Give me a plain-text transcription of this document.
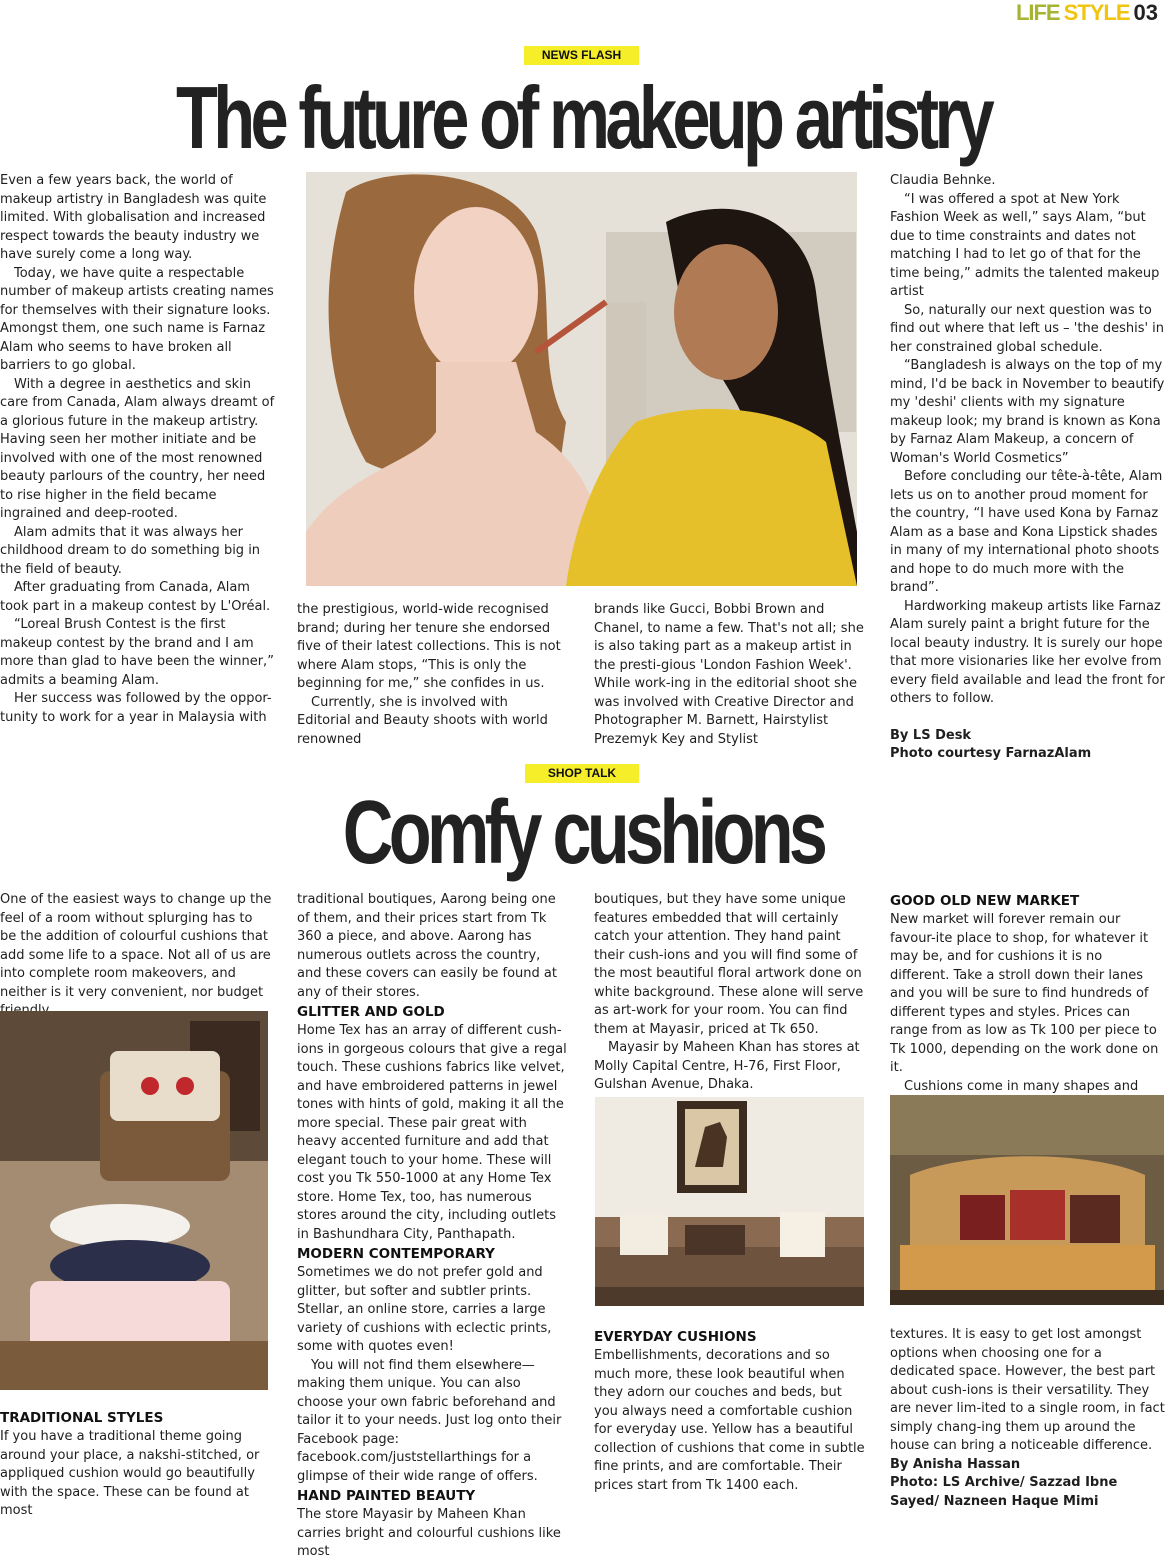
LIFE STYLE 03
NEWS FLASH
The future of makeup artistry

Even a few years back, the world of makeup artistry in Bangladesh was quite limited. With globalisation and increased respect towards the beauty industry we have surely come a long way.

Today, we have quite a respectable number of makeup artists creating names for themselves with their signature looks. Amongst them, one such name is Farnaz Alam who seems to have broken all barriers to go global.

With a degree in aesthetics and skin care from Canada, Alam always dreamt of a glorious future in the makeup artistry. Having seen her mother initiate and be involved with one of the most renowned beauty parlours of the country, her need to rise higher in the field became ingrained and deep-rooted.

Alam admits that it was always her childhood dream to do something big in the field of beauty.

After graduating from Canada, Alam took part in a makeup contest by L'Oréal.

“Loreal Brush Contest is the first makeup contest by the brand and I am more than glad to have been the winner,” admits a beaming Alam.

Her success was followed by the oppor-tunity to work for a year in Malaysia with

the prestigious, world-wide recognised brand; during her tenure she endorsed five of their latest collections. This is not where Alam stops, “This is only the beginning for me,” she confides in us.

Currently, she is involved with Editorial and Beauty shoots with world renowned

brands like Gucci, Bobbi Brown and Chanel, to name a few. That's not all; she is also taking part as a makeup artist in the presti-gious 'London Fashion Week'. While work-ing in the editorial shoot she was involved with Creative Director and Photographer M. Barnett, Hairstylist Prezemyk Key and Stylist

Claudia Behnke.

“I was offered a spot at New York Fashion Week as well,” says Alam, “but due to time constraints and dates not matching I had to let go of that for the time being,” admits the talented makeup artist

So, naturally our next question was to find out where that left us – 'the deshis' in her constrained global schedule.

“Bangladesh is always on the top of my mind, I'd be back in November to beautify my 'deshi' clients with my signature makeup look; my brand is known as Kona by Farnaz Alam Makeup, a concern of Woman's World Cosmetics”

Before concluding our tête-à-tête, Alam lets us on to another proud moment for the country, “I have used Kona by Farnaz Alam as a base and Kona Lipstick shades in many of my international photo shoots and hope to do much more with the brand”.

Hardworking makeup artists like Farnaz Alam surely paint a bright future for the local beauty industry. It is surely our hope that more visionaries like her evolve from every field available and lead the front for others to follow.

By LS Desk

Photo courtesy FarnazAlam

SHOP TALK
Comfy cushions

One of the easiest ways to change up the feel of a room without splurging has to be the addition of colourful cushions that add some life to a space. Not all of us are into complete room makeovers, and neither is it very convenient, nor budget

TRADITIONAL STYLES

If you have a traditional theme going around your place, a nakshi-stitched, or appliqued cushion would go beautifully with the space. These can be found at most

traditional boutiques, Aarong being one of them, and their prices start from Tk 360 a piece, and above. Aarong has numerous outlets across the country, and these covers can easily be found at any of their stores.

GLITTER AND GOLD

Home Tex has an array of different cush-ions in gorgeous colours that give a regal touch. These cushions fabrics like velvet, and have embroidered patterns in jewel tones with hints of gold, making it all the more special. These pair great with heavy accented furniture and add that elegant touch to your home. These will cost you Tk 550-1000 at any Home Tex store. Home Tex, too, has numerous stores around the city, including outlets in Bashundhara City, Panthapath.

MODERN CONTEMPORARY

Sometimes we do not prefer gold and glitter, but softer and subtler prints. Stellar, an online store, carries a large variety of cushions with eclectic prints, some with quotes even!

You will not find them elsewhere—making them unique. You can also choose your own fabric beforehand and tailor it to your needs. Just log onto their Facebook page: facebook.com/juststellarthings for a glimpse of their wide range of offers.

HAND PAINTED BEAUTY

The store Mayasir by Maheen Khan carries bright and colourful cushions like most

boutiques, but they have some unique features embedded that will certainly catch your attention. They hand paint their cush-ions and you will find some of the most beautiful floral artwork done on white background. These alone will serve as art-work for your room. You can find them at Mayasir, priced at Tk 650.

Mayasir by Maheen Khan has stores at Molly Capital Centre, H-76, First Floor, Gulshan Avenue, Dhaka.

EVERYDAY CUSHIONS

Embellishments, decorations and so much more, these look beautiful when they adorn our couches and beds, but you always need a comfortable cushion for everyday use. Yellow has a beautiful collection of cushions that come in subtle fine prints, and are comfortable. Their prices start from Tk 1400 each.

GOOD OLD NEW MARKET

New market will forever remain our favour-ite place to shop, for whatever it may be, and for cushions it is no different. Take a stroll down their lanes and you will be sure to find hundreds of different types and styles. Prices can range from as low as Tk 100 per piece to Tk 1000, depending on the work done on it.

Cushions come in many shapes and

textures. It is easy to get lost amongst options when choosing one for a dedicated space. However, the best part about cush-ions is their versatility. They are never lim-ited to a single room, in fact simply chang-ing them up around the house can bring a noticeable difference.

By Anisha Hassan

Photo: LS Archive/ Sazzad Ibne Sayed/ Nazneen Haque Mimi
